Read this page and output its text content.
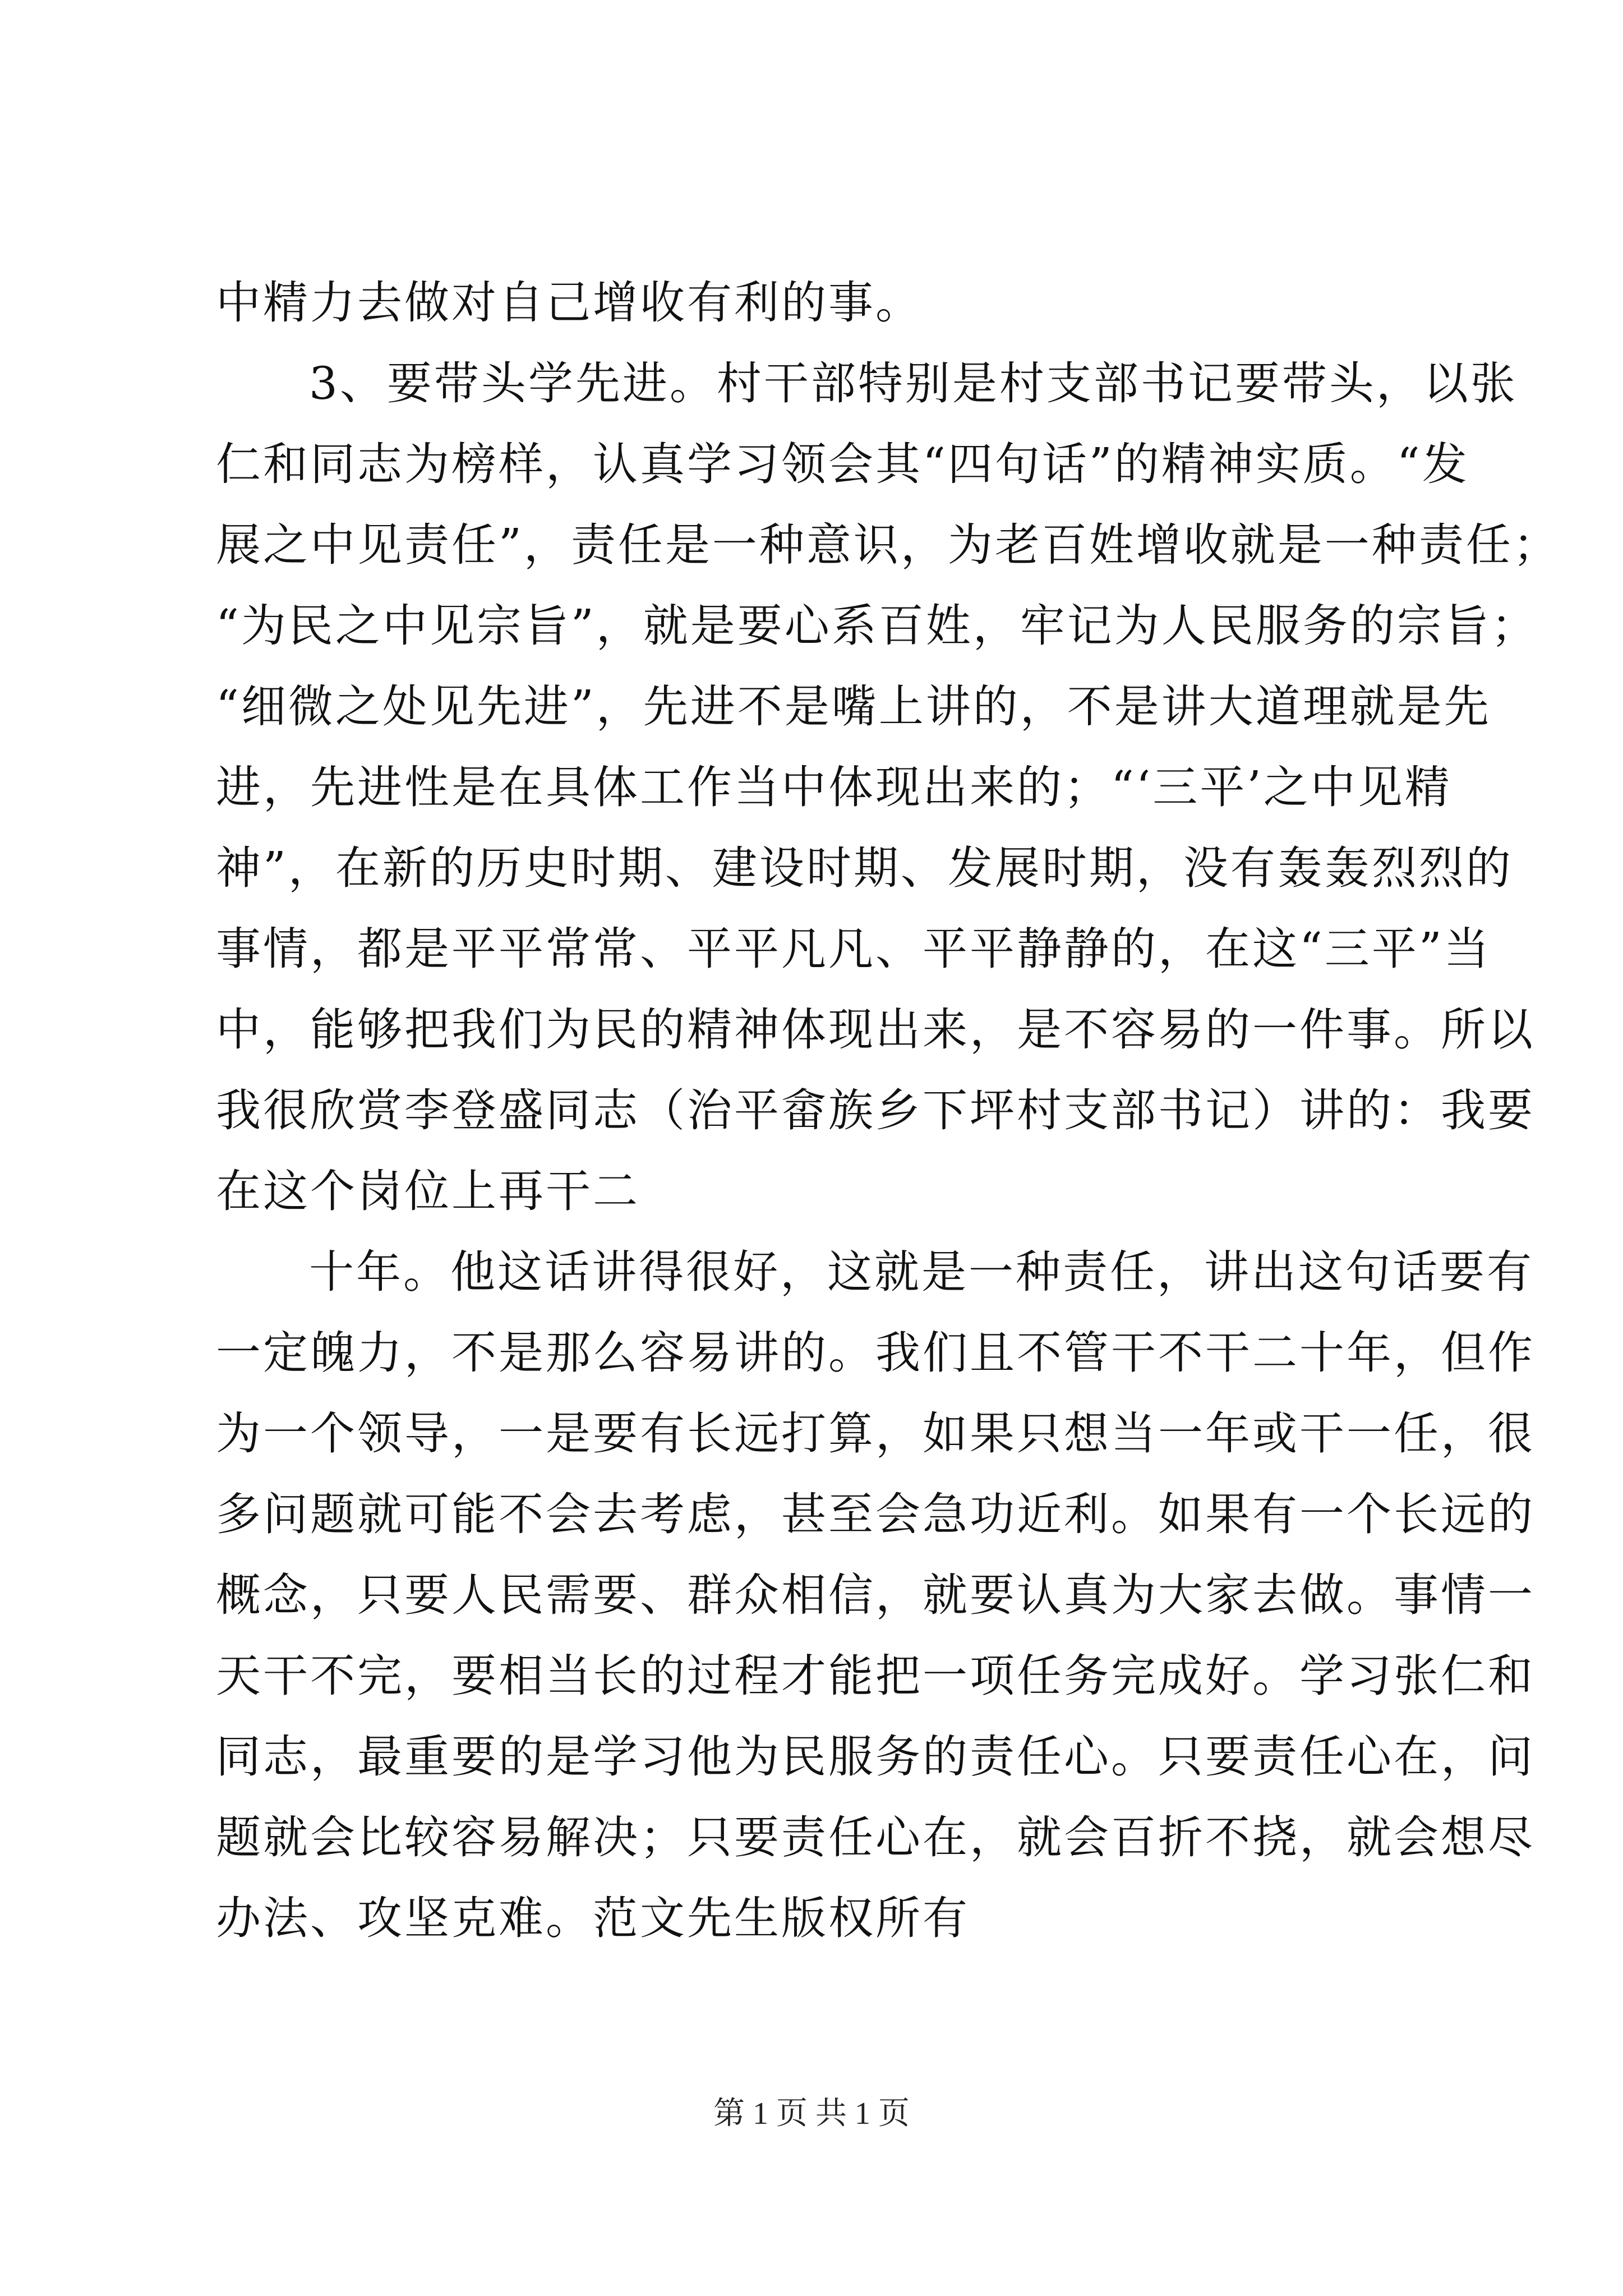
中精力去做对自己增收有利的事。
3、要带头学先进。村干部特别是村支部书记要带头，以张
仁和同志为榜样，认真学习领会其“四句话”的精神实质。“发
展之中见责任”，责任是一种意识，为老百姓增收就是一种责任；
“为民之中见宗旨”，就是要心系百姓，牢记为人民服务的宗旨；
“细微之处见先进”，先进不是嘴上讲的，不是讲大道理就是先
进，先进性是在具体工作当中体现出来的；“‘三平’之中见精
神”，在新的历史时期、建设时期、发展时期，没有轰轰烈烈的
事情，都是平平常常、平平凡凡、平平静静的，在这“三平”当
中，能够把我们为民的精神体现出来，是不容易的一件事。所以
我很欣赏李登盛同志（治平畲族乡下坪村支部书记）讲的：我要
在这个岗位上再干二
十年。他这话讲得很好，这就是一种责任，讲出这句话要有
一定魄力，不是那么容易讲的。我们且不管干不干二十年，但作
为一个领导，一是要有长远打算，如果只想当一年或干一任，很
多问题就可能不会去考虑，甚至会急功近利。如果有一个长远的
概念，只要人民需要、群众相信，就要认真为大家去做。事情一
天干不完，要相当长的过程才能把一项任务完成好。学习张仁和
同志，最重要的是学习他为民服务的责任心。只要责任心在，问
题就会比较容易解决；只要责任心在，就会百折不挠，就会想尽
办法、攻坚克难。范文先生版权所有
第 1 页 共 1 页
